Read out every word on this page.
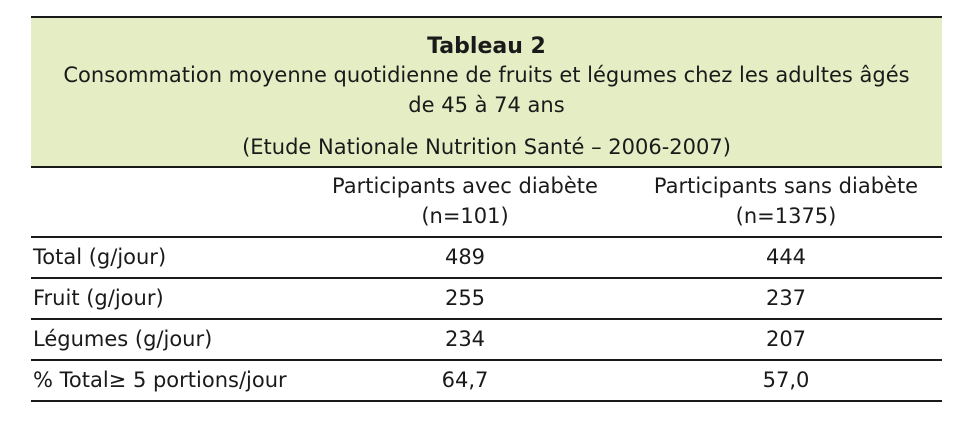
Tableau 2
Consommation moyenne quotidienne de fruits et légumes chez les adultes âgés de 45 à 74 ans
(Etude Nationale Nutrition Santé – 2006-2007)
Participants avec diabète
(n=101)
Participants sans diabète
(n=1375)
Total (g/jour)	489	444
Fruit (g/jour)	255	237
Légumes (g/jour)	234	207
% Total≥ 5 portions/jour	64,7	57,0
